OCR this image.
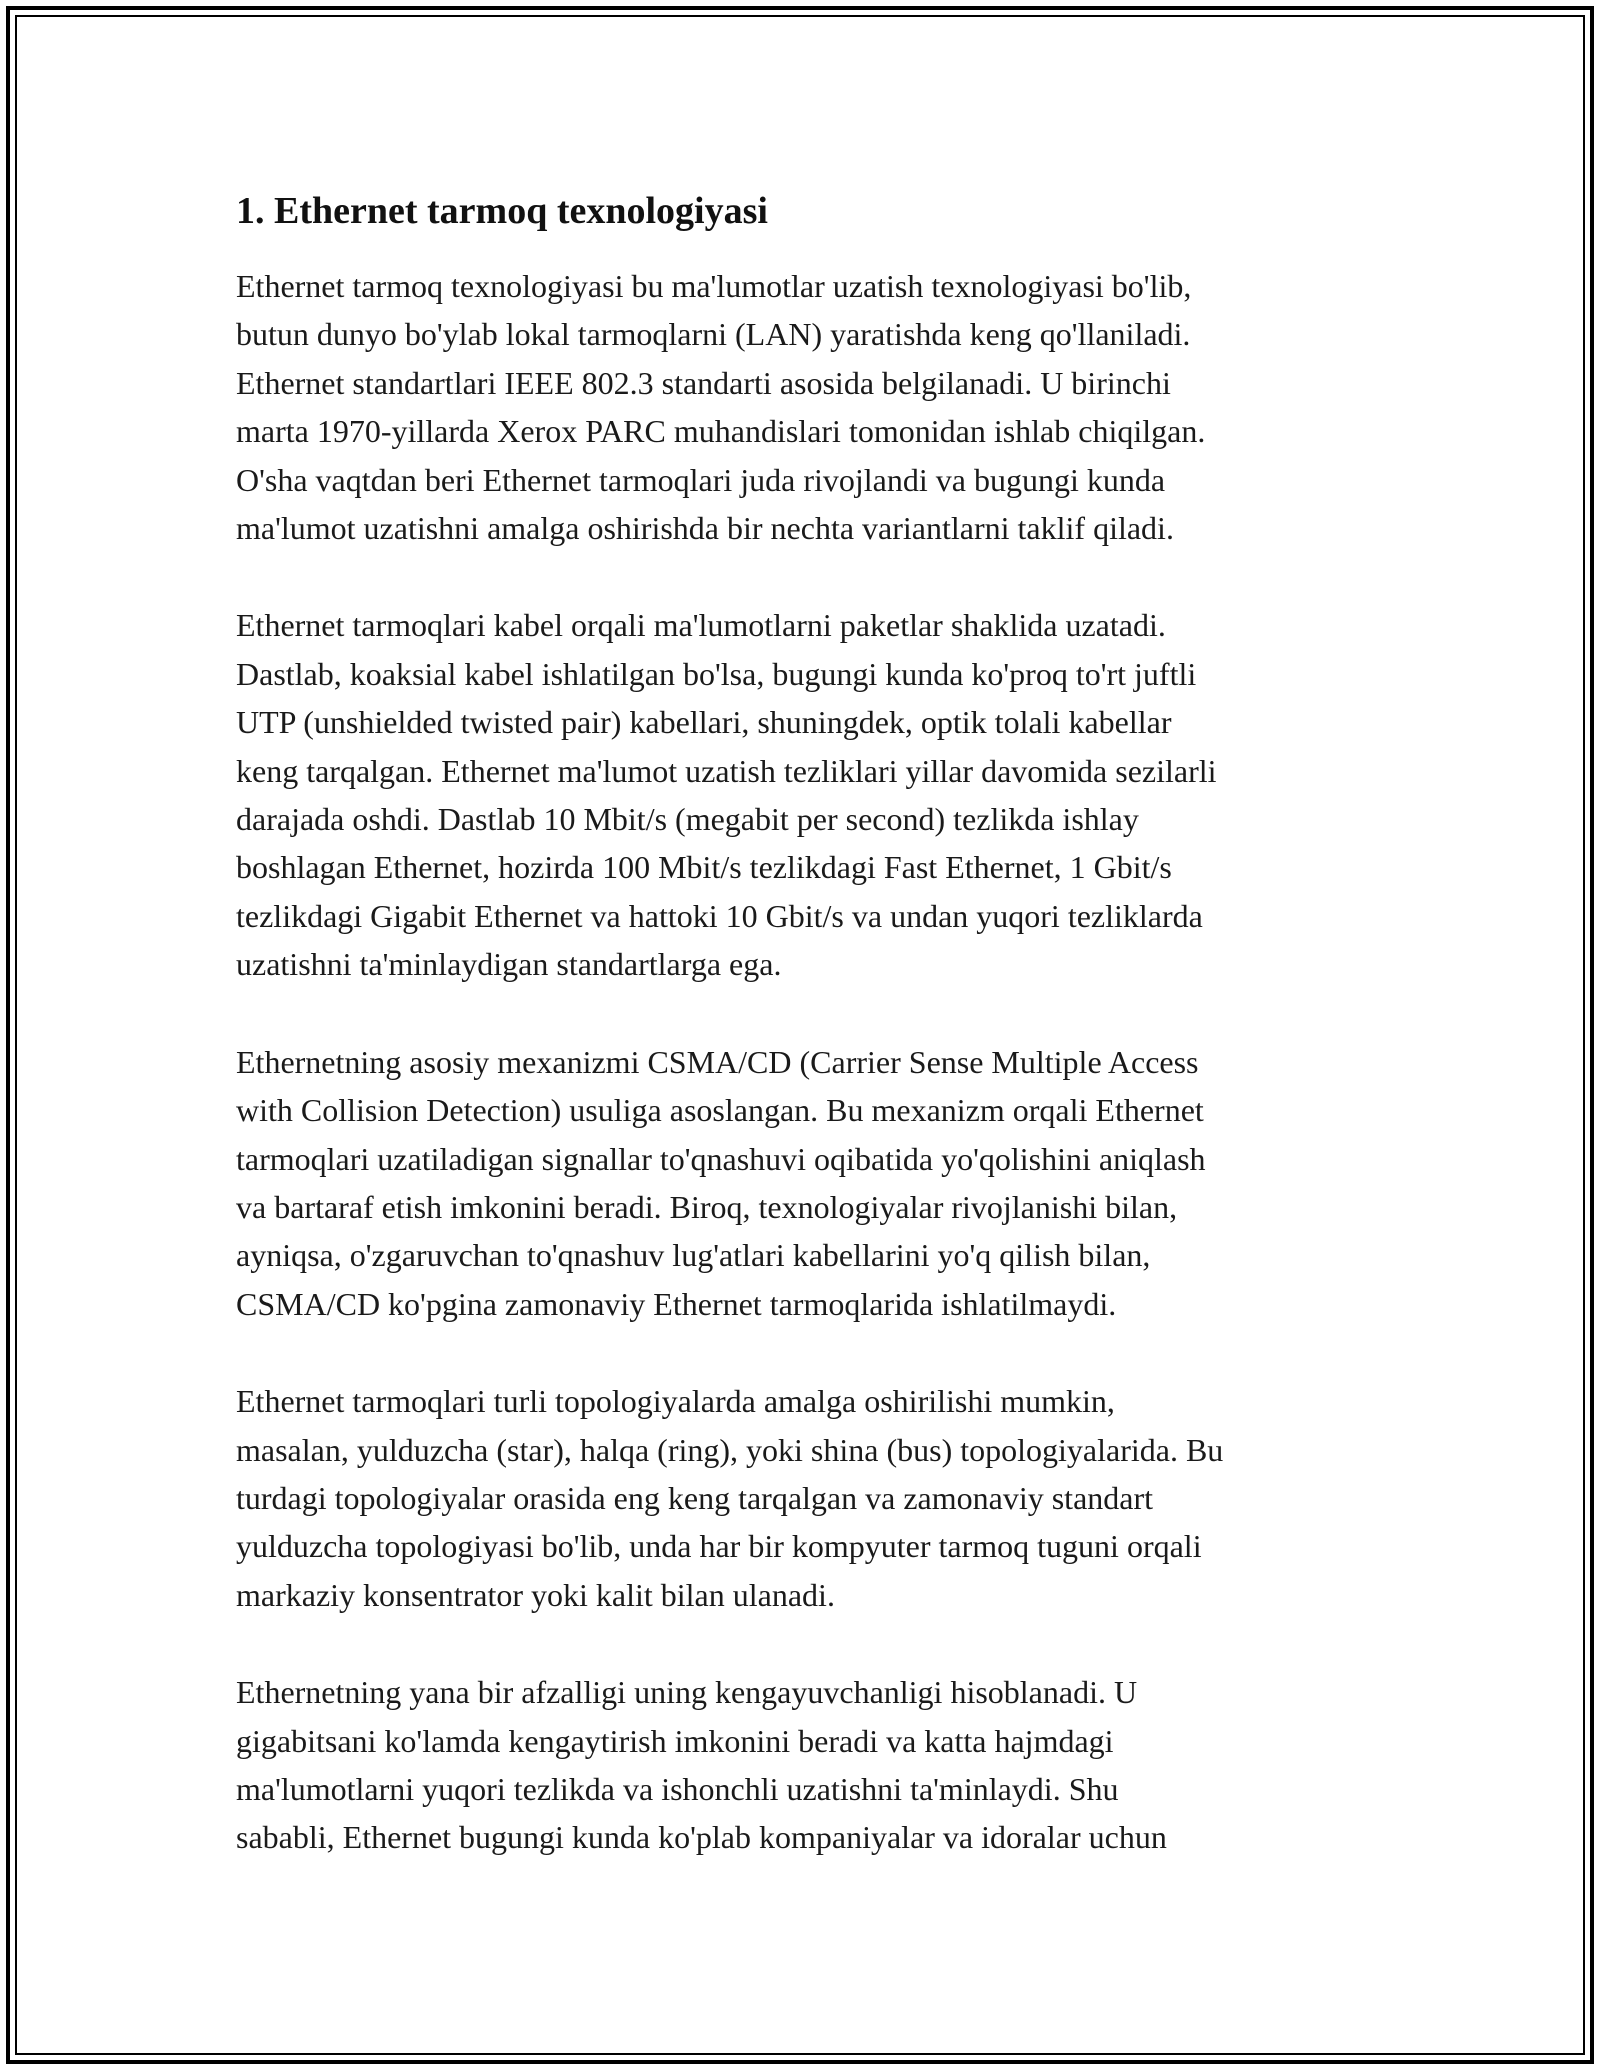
1. Ethernet tarmoq texnologiyasi
Ethernet tarmoq texnologiyasi bu ma'lumotlar uzatish texnologiyasi bo'lib,
butun dunyo bo'ylab lokal tarmoqlarni (LAN) yaratishda keng qo'llaniladi.
Ethernet standartlari IEEE 802.3 standarti asosida belgilanadi. U birinchi
marta 1970-yillarda Xerox PARC muhandislari tomonidan ishlab chiqilgan.
O'sha vaqtdan beri Ethernet tarmoqlari juda rivojlandi va bugungi kunda
ma'lumot uzatishni amalga oshirishda bir nechta variantlarni taklif qiladi.
Ethernet tarmoqlari kabel orqali ma'lumotlarni paketlar shaklida uzatadi.
Dastlab, koaksial kabel ishlatilgan bo'lsa, bugungi kunda ko'proq to'rt juftli
UTP (unshielded twisted pair) kabellari, shuningdek, optik tolali kabellar
keng tarqalgan. Ethernet ma'lumot uzatish tezliklari yillar davomida sezilarli
darajada oshdi. Dastlab 10 Mbit/s (megabit per second) tezlikda ishlay
boshlagan Ethernet, hozirda 100 Mbit/s tezlikdagi Fast Ethernet, 1 Gbit/s
tezlikdagi Gigabit Ethernet va hattoki 10 Gbit/s va undan yuqori tezliklarda
uzatishni ta'minlaydigan standartlarga ega.
Ethernetning asosiy mexanizmi CSMA/CD (Carrier Sense Multiple Access
with Collision Detection) usuliga asoslangan. Bu mexanizm orqali Ethernet
tarmoqlari uzatiladigan signallar to'qnashuvi oqibatida yo'qolishini aniqlash
va bartaraf etish imkonini beradi. Biroq, texnologiyalar rivojlanishi bilan,
ayniqsa, o'zgaruvchan to'qnashuv lug'atlari kabellarini yo'q qilish bilan,
CSMA/CD ko'pgina zamonaviy Ethernet tarmoqlarida ishlatilmaydi.
Ethernet tarmoqlari turli topologiyalarda amalga oshirilishi mumkin,
masalan, yulduzcha (star), halqa (ring), yoki shina (bus) topologiyalarida. Bu
turdagi topologiyalar orasida eng keng tarqalgan va zamonaviy standart
yulduzcha topologiyasi bo'lib, unda har bir kompyuter tarmoq tuguni orqali
markaziy konsentrator yoki kalit bilan ulanadi.
Ethernetning yana bir afzalligi uning kengayuvchanligi hisoblanadi. U
gigabitsani ko'lamda kengaytirish imkonini beradi va katta hajmdagi
ma'lumotlarni yuqori tezlikda va ishonchli uzatishni ta'minlaydi. Shu
sababli, Ethernet bugungi kunda ko'plab kompaniyalar va idoralar uchun
